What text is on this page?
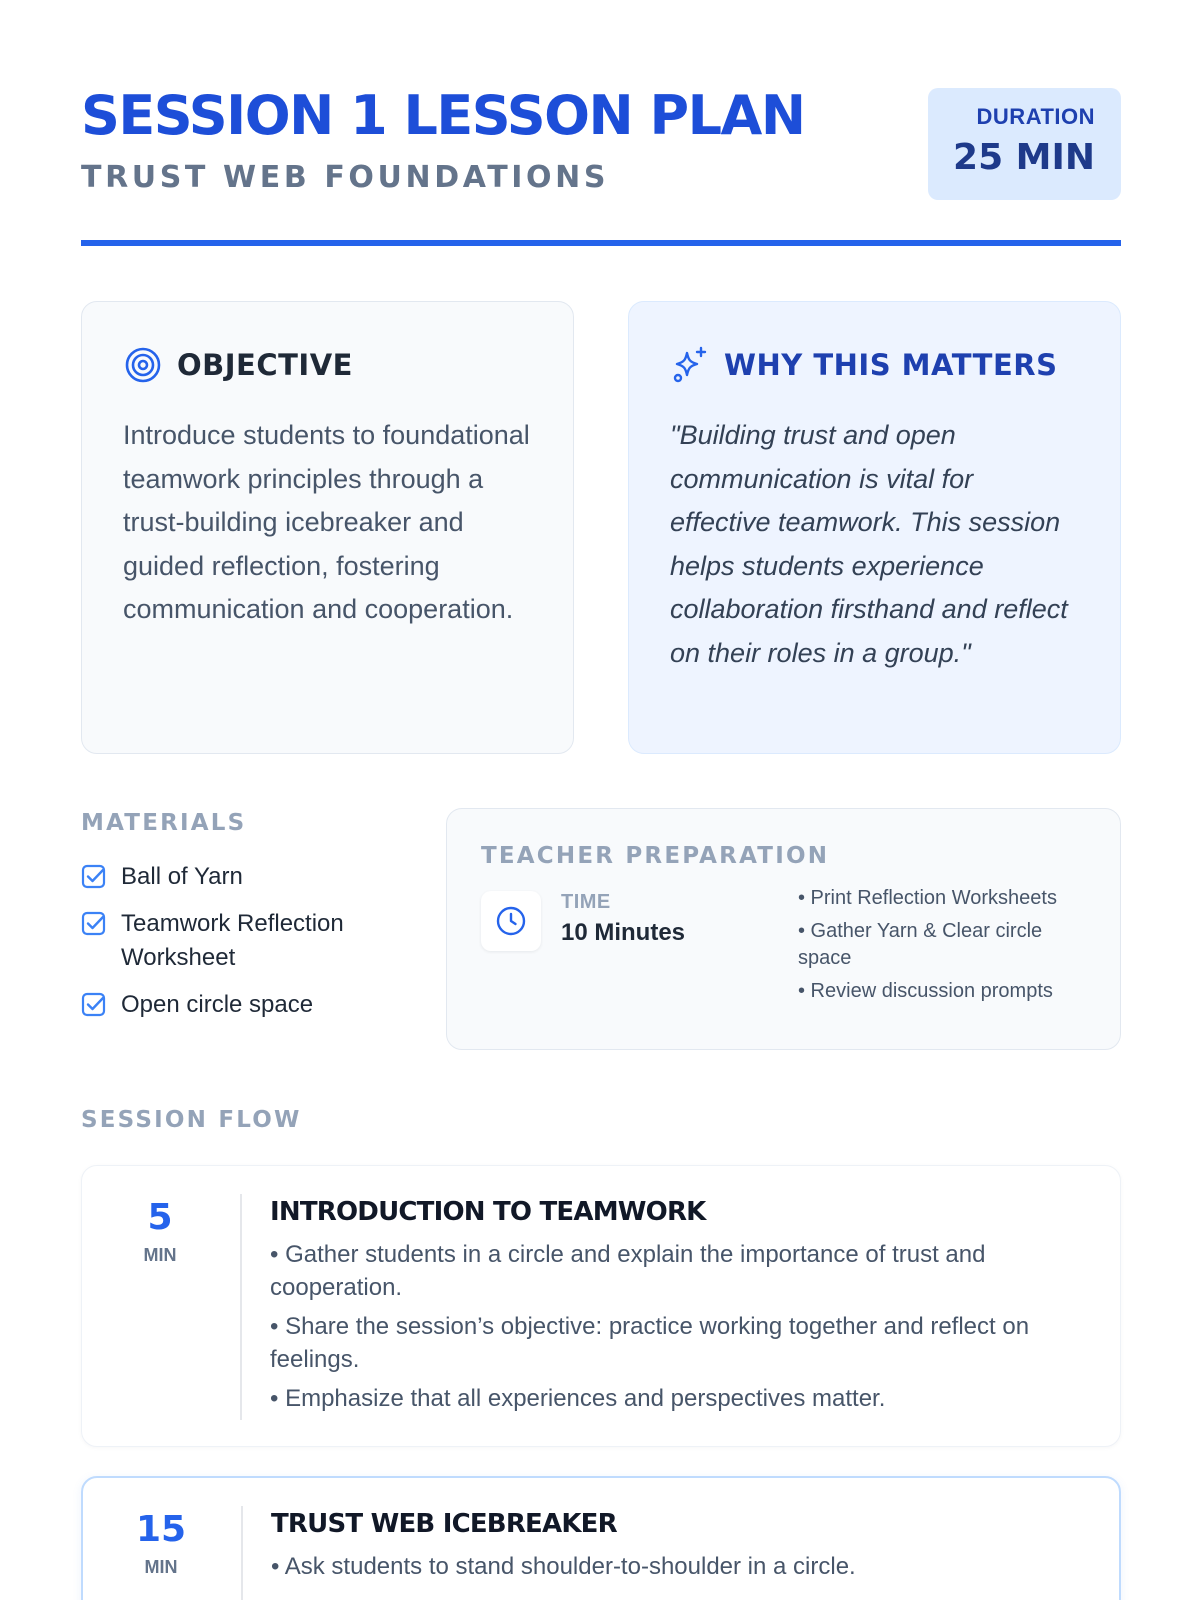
SESSION 1 LESSON PLAN
TRUST WEB FOUNDATIONS
DURATION
25 MIN
OBJECTIVE

Introduce students to foundational teamwork principles through a trust-building icebreaker and guided reflection, fostering communication and cooperation.

WHY THIS MATTERS

"Building trust and open communication is vital for effective teamwork. This session helps students experience collaboration firsthand and reflect on their roles in a group."

MATERIALS
Ball of Yarn
Teamwork Reflection Worksheet
Open circle space
TEACHER PREPARATION
TIME
10 Minutes
• Print Reflection Worksheets
• Gather Yarn & Clear circle space
• Review discussion prompts
SESSION FLOW
5
MIN
INTRODUCTION TO TEAMWORK
• Gather students in a circle and explain the importance of trust and cooperation.
• Share the session’s objective: practice working together and reflect on feelings.
• Emphasize that all experiences and perspectives matter.
15
MIN
TRUST WEB ICEBREAKER
• Ask students to stand shoulder-to-shoulder in a circle.
